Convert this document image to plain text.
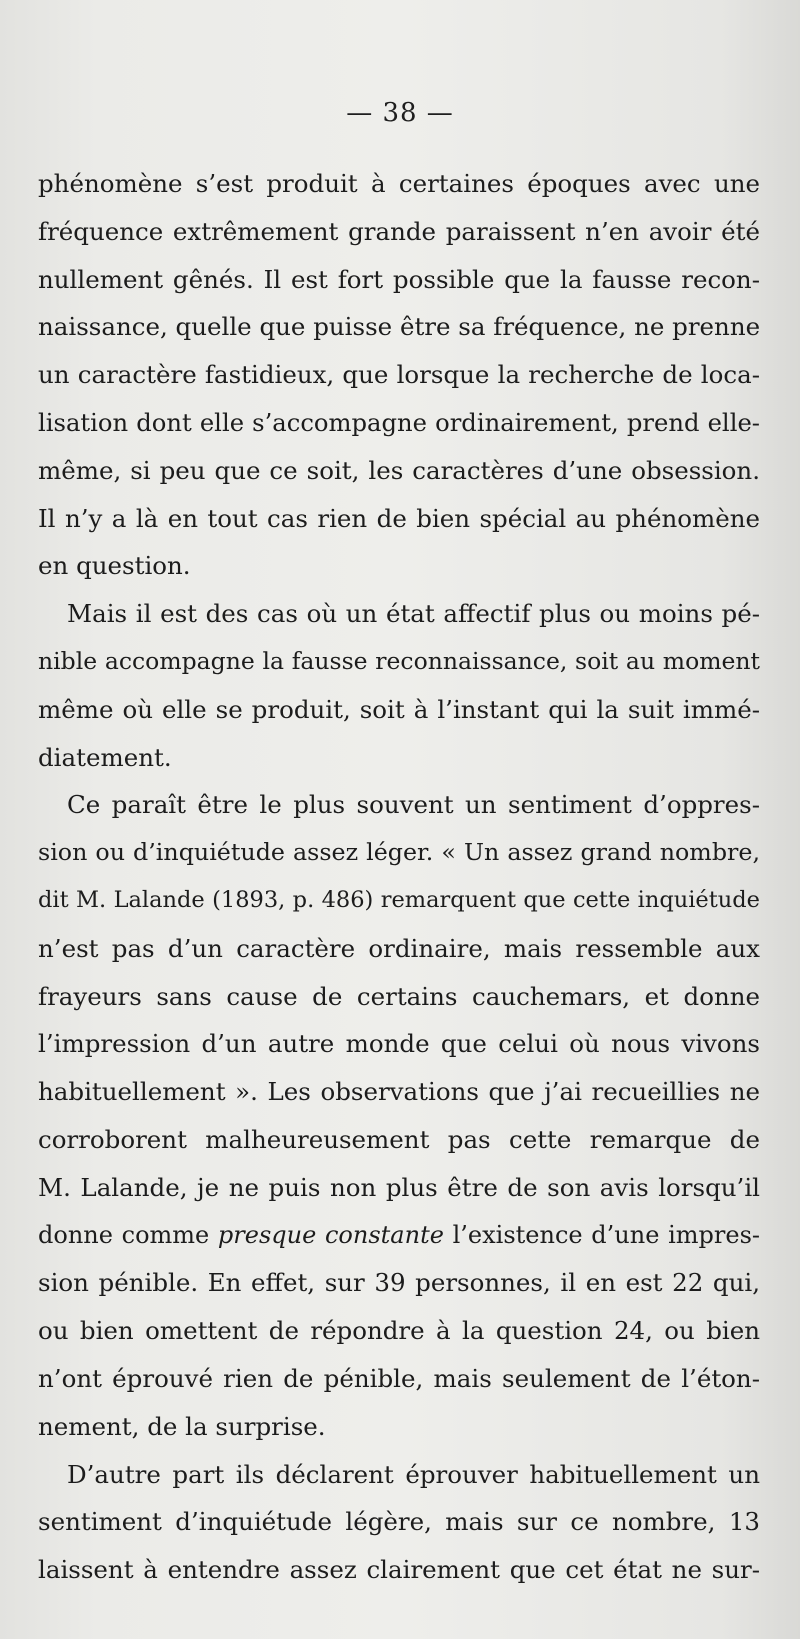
— 38 —
phénomène s’est produit à certaines époques avec une
fréquence extrêmement grande paraissent n’en avoir été
nullement gênés. Il est fort possible que la fausse recon-
naissance, quelle que puisse être sa fréquence, ne prenne
un caractère fastidieux, que lorsque la recherche de loca-
lisation dont elle s’accompagne ordinairement, prend elle-
même, si peu que ce soit, les caractères d’une obsession.
Il n’y a là en tout cas rien de bien spécial au phénomène
en question.
Mais il est des cas où un état affectif plus ou moins pé-
nible accompagne la fausse reconnaissance, soit au moment
même où elle se produit, soit à l’instant qui la suit immé-
diatement.
Ce paraît être le plus souvent un sentiment d’oppres-
sion ou d’inquiétude assez léger. « Un assez grand nombre,
dit M. Lalande (1893, p. 486) remarquent que cette inquiétude
n’est pas d’un caractère ordinaire, mais ressemble aux
frayeurs sans cause de certains cauchemars, et donne
l’impression d’un autre monde que celui où nous vivons
habituellement ». Les observations que j’ai recueillies ne
corroborent malheureusement pas cette remarque de
M. Lalande, je ne puis non plus être de son avis lorsqu’il
donne comme presque constante l’existence d’une impres-
sion pénible. En effet, sur 39 personnes, il en est 22 qui,
ou bien omettent de répondre à la question 24, ou bien
n’ont éprouvé rien de pénible, mais seulement de l’éton-
nement, de la surprise.
D’autre part ils déclarent éprouver habituellement un
sentiment d’inquiétude légère, mais sur ce nombre, 13
laissent à entendre assez clairement que cet état ne sur-
